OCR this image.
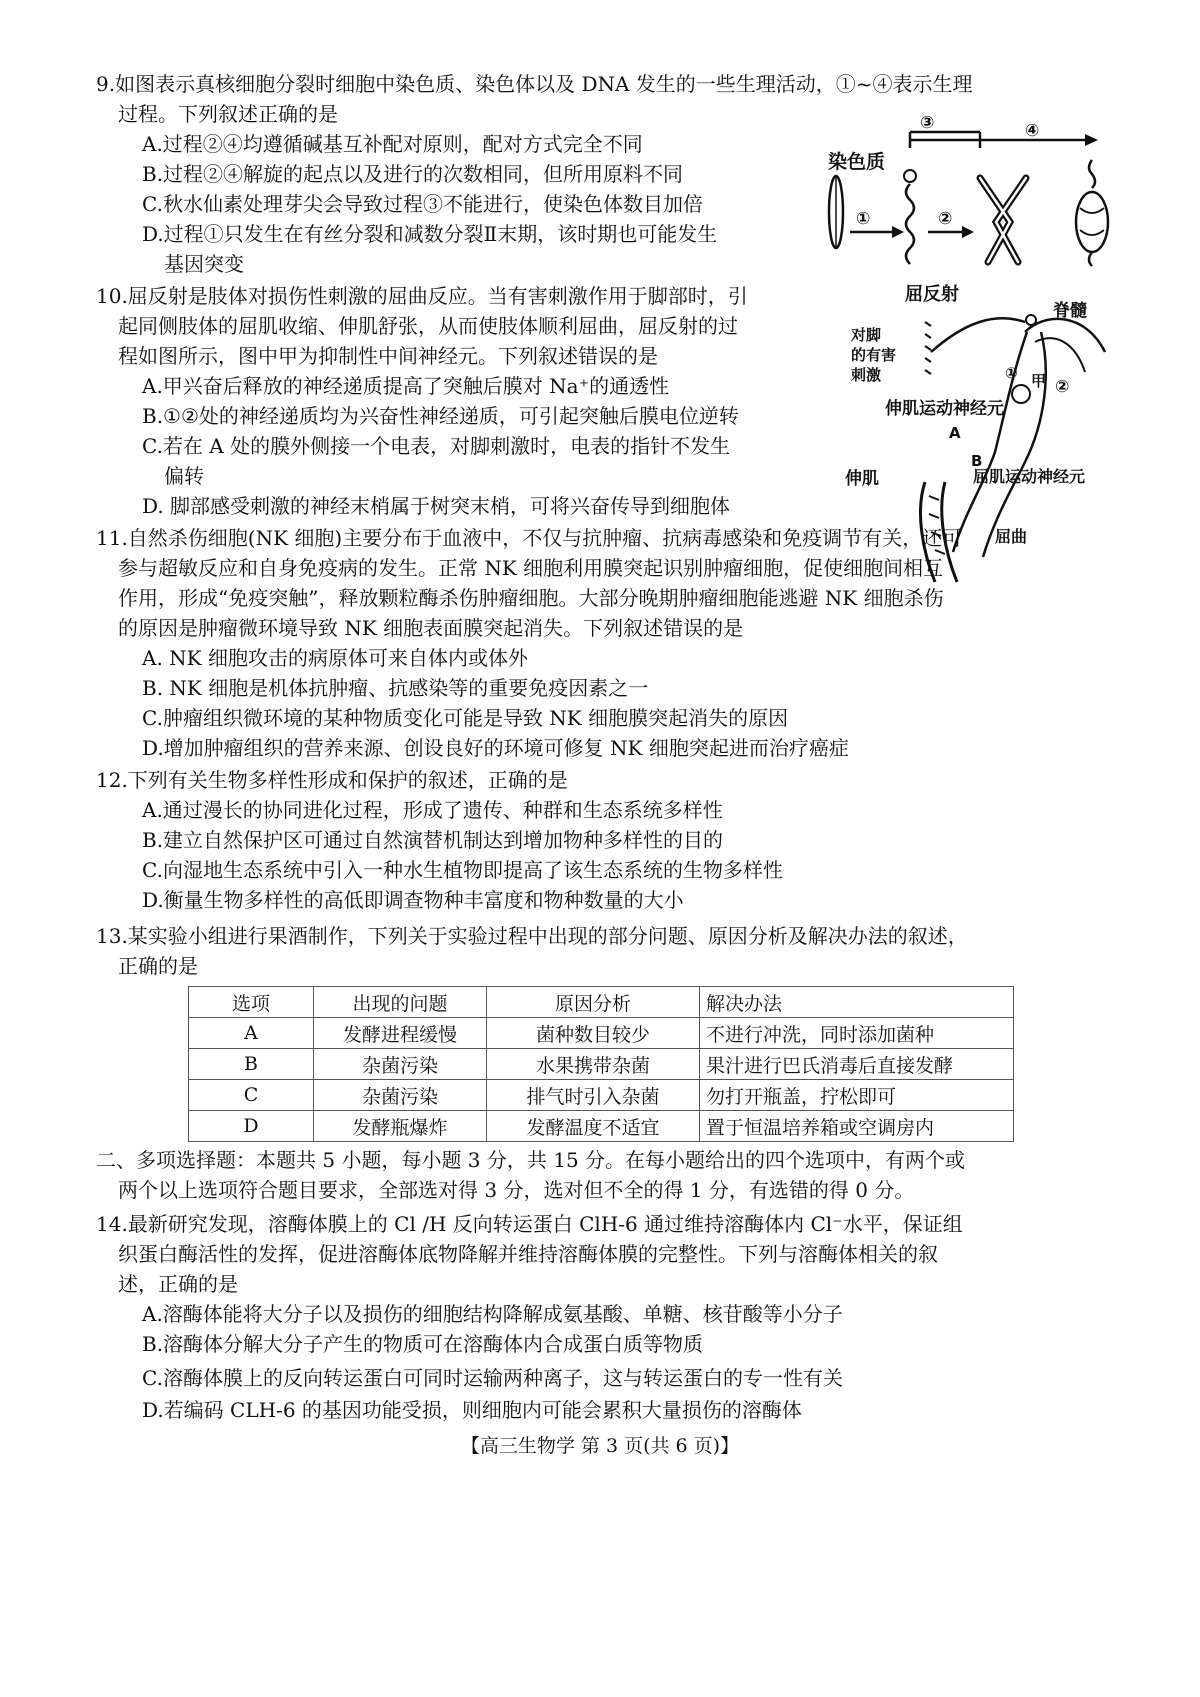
9.如图表示真核细胞分裂时细胞中染色质、染色体以及 DNA 发生的一些生理活动，①~④表示生理

过程。下列叙述正确的是

A.过程②④均遵循碱基互补配对原则，配对方式完全不同

B.过程②④解旋的起点以及进行的次数相同，但所用原料不同

C.秋水仙素处理芽尖会导致过程③不能进行，使染色体数目加倍

D.过程①只发生在有丝分裂和减数分裂Ⅱ末期，该时期也可能发生

基因突变

③	④
染色质
①	②

10.屈反射是肢体对损伤性刺激的屈曲反应。当有害刺激作用于脚部时，引

起同侧肢体的屈肌收缩、伸肌舒张，从而使肢体顺利屈曲，屈反射的过

程如图所示，图中甲为抑制性中间神经元。下列叙述错误的是

A.甲兴奋后释放的神经递质提高了突触后膜对 Na⁺的通透性

B.①②处的神经递质均为兴奋性神经递质，可引起突触后膜电位逆转

C.若在 A 处的膜外侧接一个电表，对脚刺激时，电表的指针不发生

偏转

D. 脚部感受刺激的神经末梢属于树突末梢，可将兴奋传导到细胞体

屈反射
脊髓
对脚
的有害
刺激	① 甲 ②
伸肌运动神经元
A
B
伸肌	屈肌运动神经元
屈曲

11.自然杀伤细胞(NK 细胞)主要分布于血液中，不仅与抗肿瘤、抗病毒感染和免疫调节有关，还可

参与超敏反应和自身免疫病的发生。正常 NK 细胞利用膜突起识别肿瘤细胞，促使细胞间相互

作用，形成“免疫突触”，释放颗粒酶杀伤肿瘤细胞。大部分晚期肿瘤细胞能逃避 NK 细胞杀伤

的原因是肿瘤微环境导致 NK 细胞表面膜突起消失。下列叙述错误的是

A. NK 细胞攻击的病原体可来自体内或体外

B. NK 细胞是机体抗肿瘤、抗感染等的重要免疫因素之一

C.肿瘤组织微环境的某种物质变化可能是导致 NK 细胞膜突起消失的原因

D.增加肿瘤组织的营养来源、创设良好的环境可修复 NK 细胞突起进而治疗癌症

12.下列有关生物多样性形成和保护的叙述，正确的是

A.通过漫长的协同进化过程，形成了遗传、种群和生态系统多样性

B.建立自然保护区可通过自然演替机制达到增加物种多样性的目的

C.向湿地生态系统中引入一种水生植物即提高了该生态系统的生物多样性

D.衡量生物多样性的高低即调查物种丰富度和物种数量的大小

13.某实验小组进行果酒制作，下列关于实验过程中出现的部分问题、原因分析及解决办法的叙述，

正确的是

选项	出现的问题	原因分析	解决办法
A	发酵进程缓慢	菌种数目较少	不进行冲洗，同时添加菌种
B	杂菌污染	水果携带杂菌	果汁进行巴氏消毒后直接发酵
C	杂菌污染	排气时引入杂菌	勿打开瓶盖，拧松即可
D	发酵瓶爆炸	发酵温度不适宜	置于恒温培养箱或空调房内

二、多项选择题：本题共 5 小题，每小题 3 分，共 15 分。在每小题给出的四个选项中，有两个或

两个以上选项符合题目要求，全部选对得 3 分，选对但不全的得 1 分，有选错的得 0 分。

14.最新研究发现，溶酶体膜上的 Cl /H 反向转运蛋白 ClH-6 通过维持溶酶体内 Cl⁻水平，保证组

织蛋白酶活性的发挥，促进溶酶体底物降解并维持溶酶体膜的完整性。下列与溶酶体相关的叙

述，正确的是

A.溶酶体能将大分子以及损伤的细胞结构降解成氨基酸、单糖、核苷酸等小分子

B.溶酶体分解大分子产生的物质可在溶酶体内合成蛋白质等物质

C.溶酶体膜上的反向转运蛋白可同时运输两种离子，这与转运蛋白的专一性有关

D.若编码 CLH-6 的基因功能受损，则细胞内可能会累积大量损伤的溶酶体

【高三生物学 第 3 页(共 6 页)】
